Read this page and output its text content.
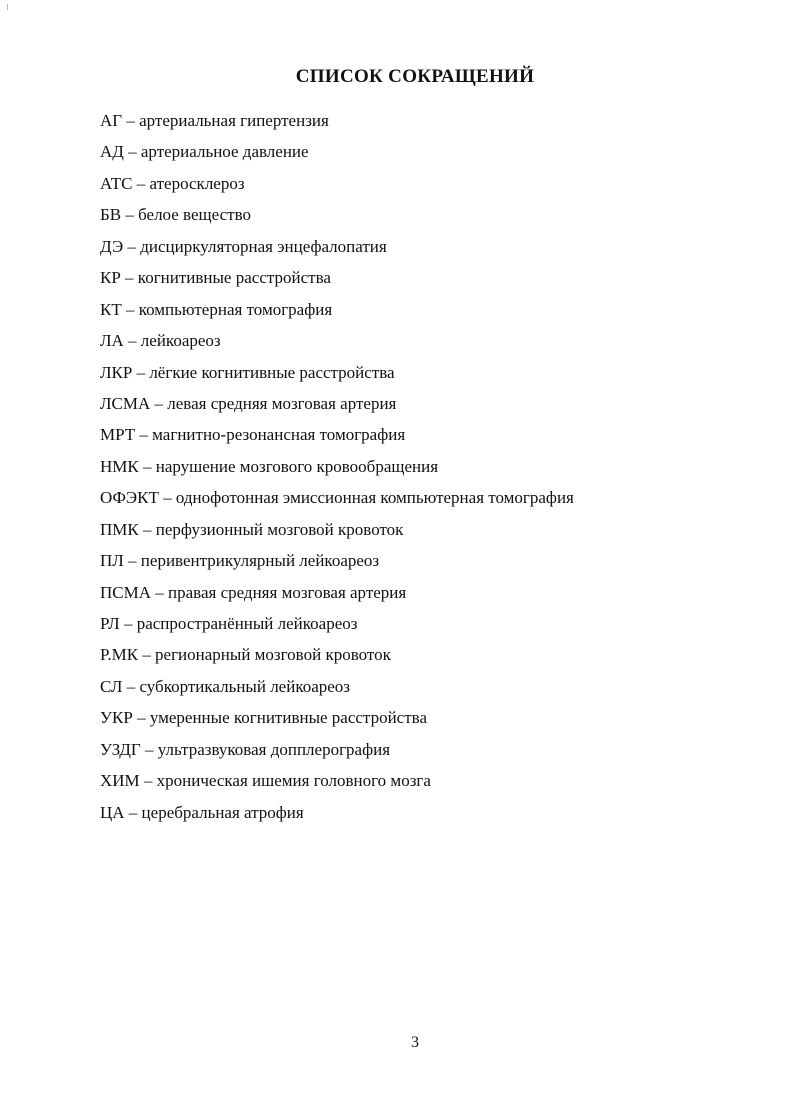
СПИСОК СОКРАЩЕНИЙ
АГ – артериальная гипертензия
АД – артериальное давление
АТС – атеросклероз
БВ – белое вещество
ДЭ – дисциркуляторная энцефалопатия
КР – когнитивные расстройства
КТ – компьютерная томография
ЛА – лейкоареоз
ЛКР – лёгкие когнитивные расстройства
ЛСМА – левая средняя мозговая артерия
МРТ – магнитно-резонансная томография
НМК – нарушение мозгового кровообращения
ОФЭКТ – однофотонная эмиссионная компьютерная томография
ПМК – перфузионный мозговой кровоток
ПЛ – перивентрикулярный лейкоареоз
ПСМА – правая средняя мозговая артерия
РЛ – распространённый лейкоареоз
Р.МК – регионарный мозговой кровоток
СЛ – субкортикальный лейкоареоз
УКР – умеренные когнитивные расстройства
УЗДГ – ультразвуковая допплерография
ХИМ – хроническая ишемия головного мозга
ЦА – церебральная атрофия
3
